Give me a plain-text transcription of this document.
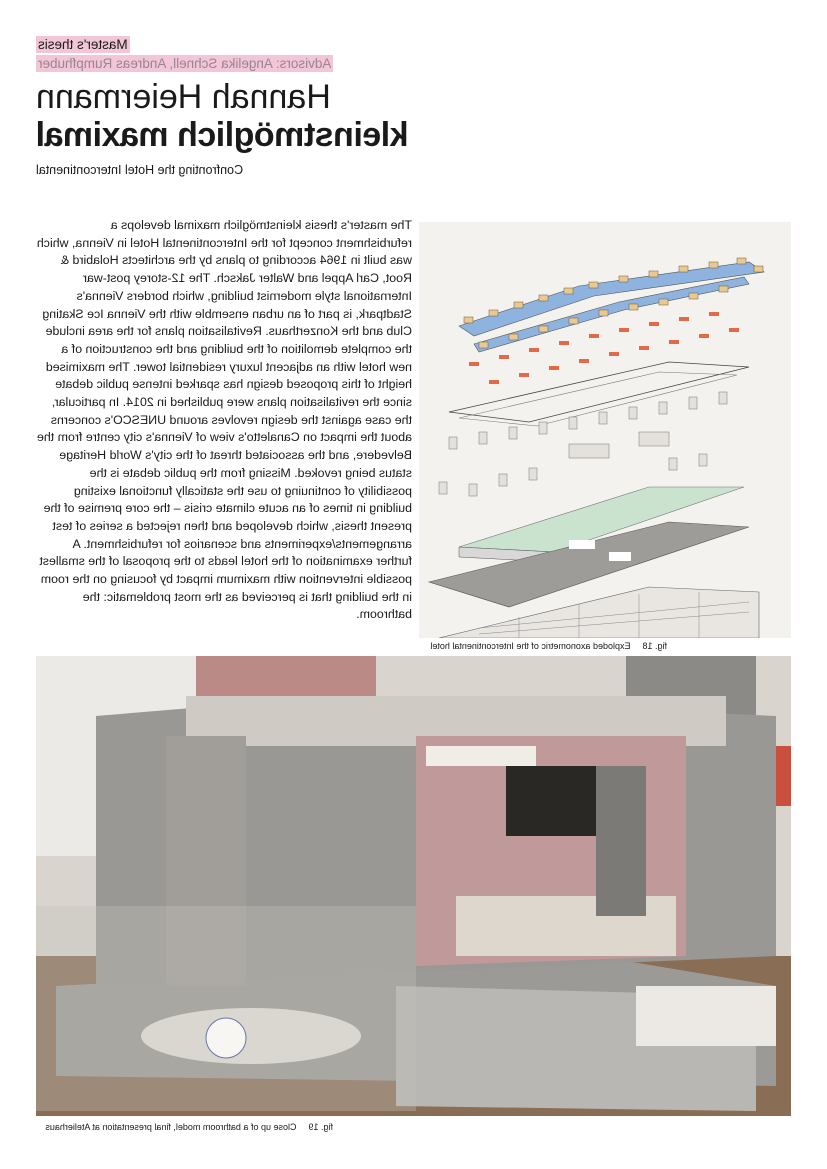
Master's thesis
Advisors: Angelika Schnell, Andreas Rumpfhuber
Hannah Heiermann
kleinstmöglich maximal
Confronting the Hotel Intercontinental

The master's thesis kleinstmöglich maximal develops a refurbishment concept for the Intercontinental Hotel in Vienna, which was built in 1964 according to plans by the architects Holabird & Root, Carl Appel and Walter Jaksch. The 12-storey post-war International style modernist building, which borders Vienna's Stadtpark, is part of an urban ensemble with the Vienna Ice Skating Club and the Konzerthaus. Revitalisation plans for the area include the complete demolition of the building and the construction of a new hotel with an adjacent luxury residential tower. The maximised height of this proposed design has sparked intense public debate since the revitalisation plans were published in 2014. In particular, the case against the design revolves around UNESCO's concerns about the impact on Canaletto's view of Vienna's city centre from the Belvedere, and the associated threat of the city's World Heritage status being revoked. Missing from the public debate is the possibility of continuing to use the statically functional existing building in times of an acute climate crisis – the core premise of the present thesis, which developed and then rejected a series of test arrangements/experiments and scenarios for refurbishment. A further examination of the hotel leads to the proposal of the smallest possible intervention with maximum impact by focusing on the room in the building that is perceived as the most problematic: the bathroom.

fig. 18Exploded axonometric of the Intercontinental hotel
fig. 19Close up of a bathroom model, final presentation at Atelierhaus
